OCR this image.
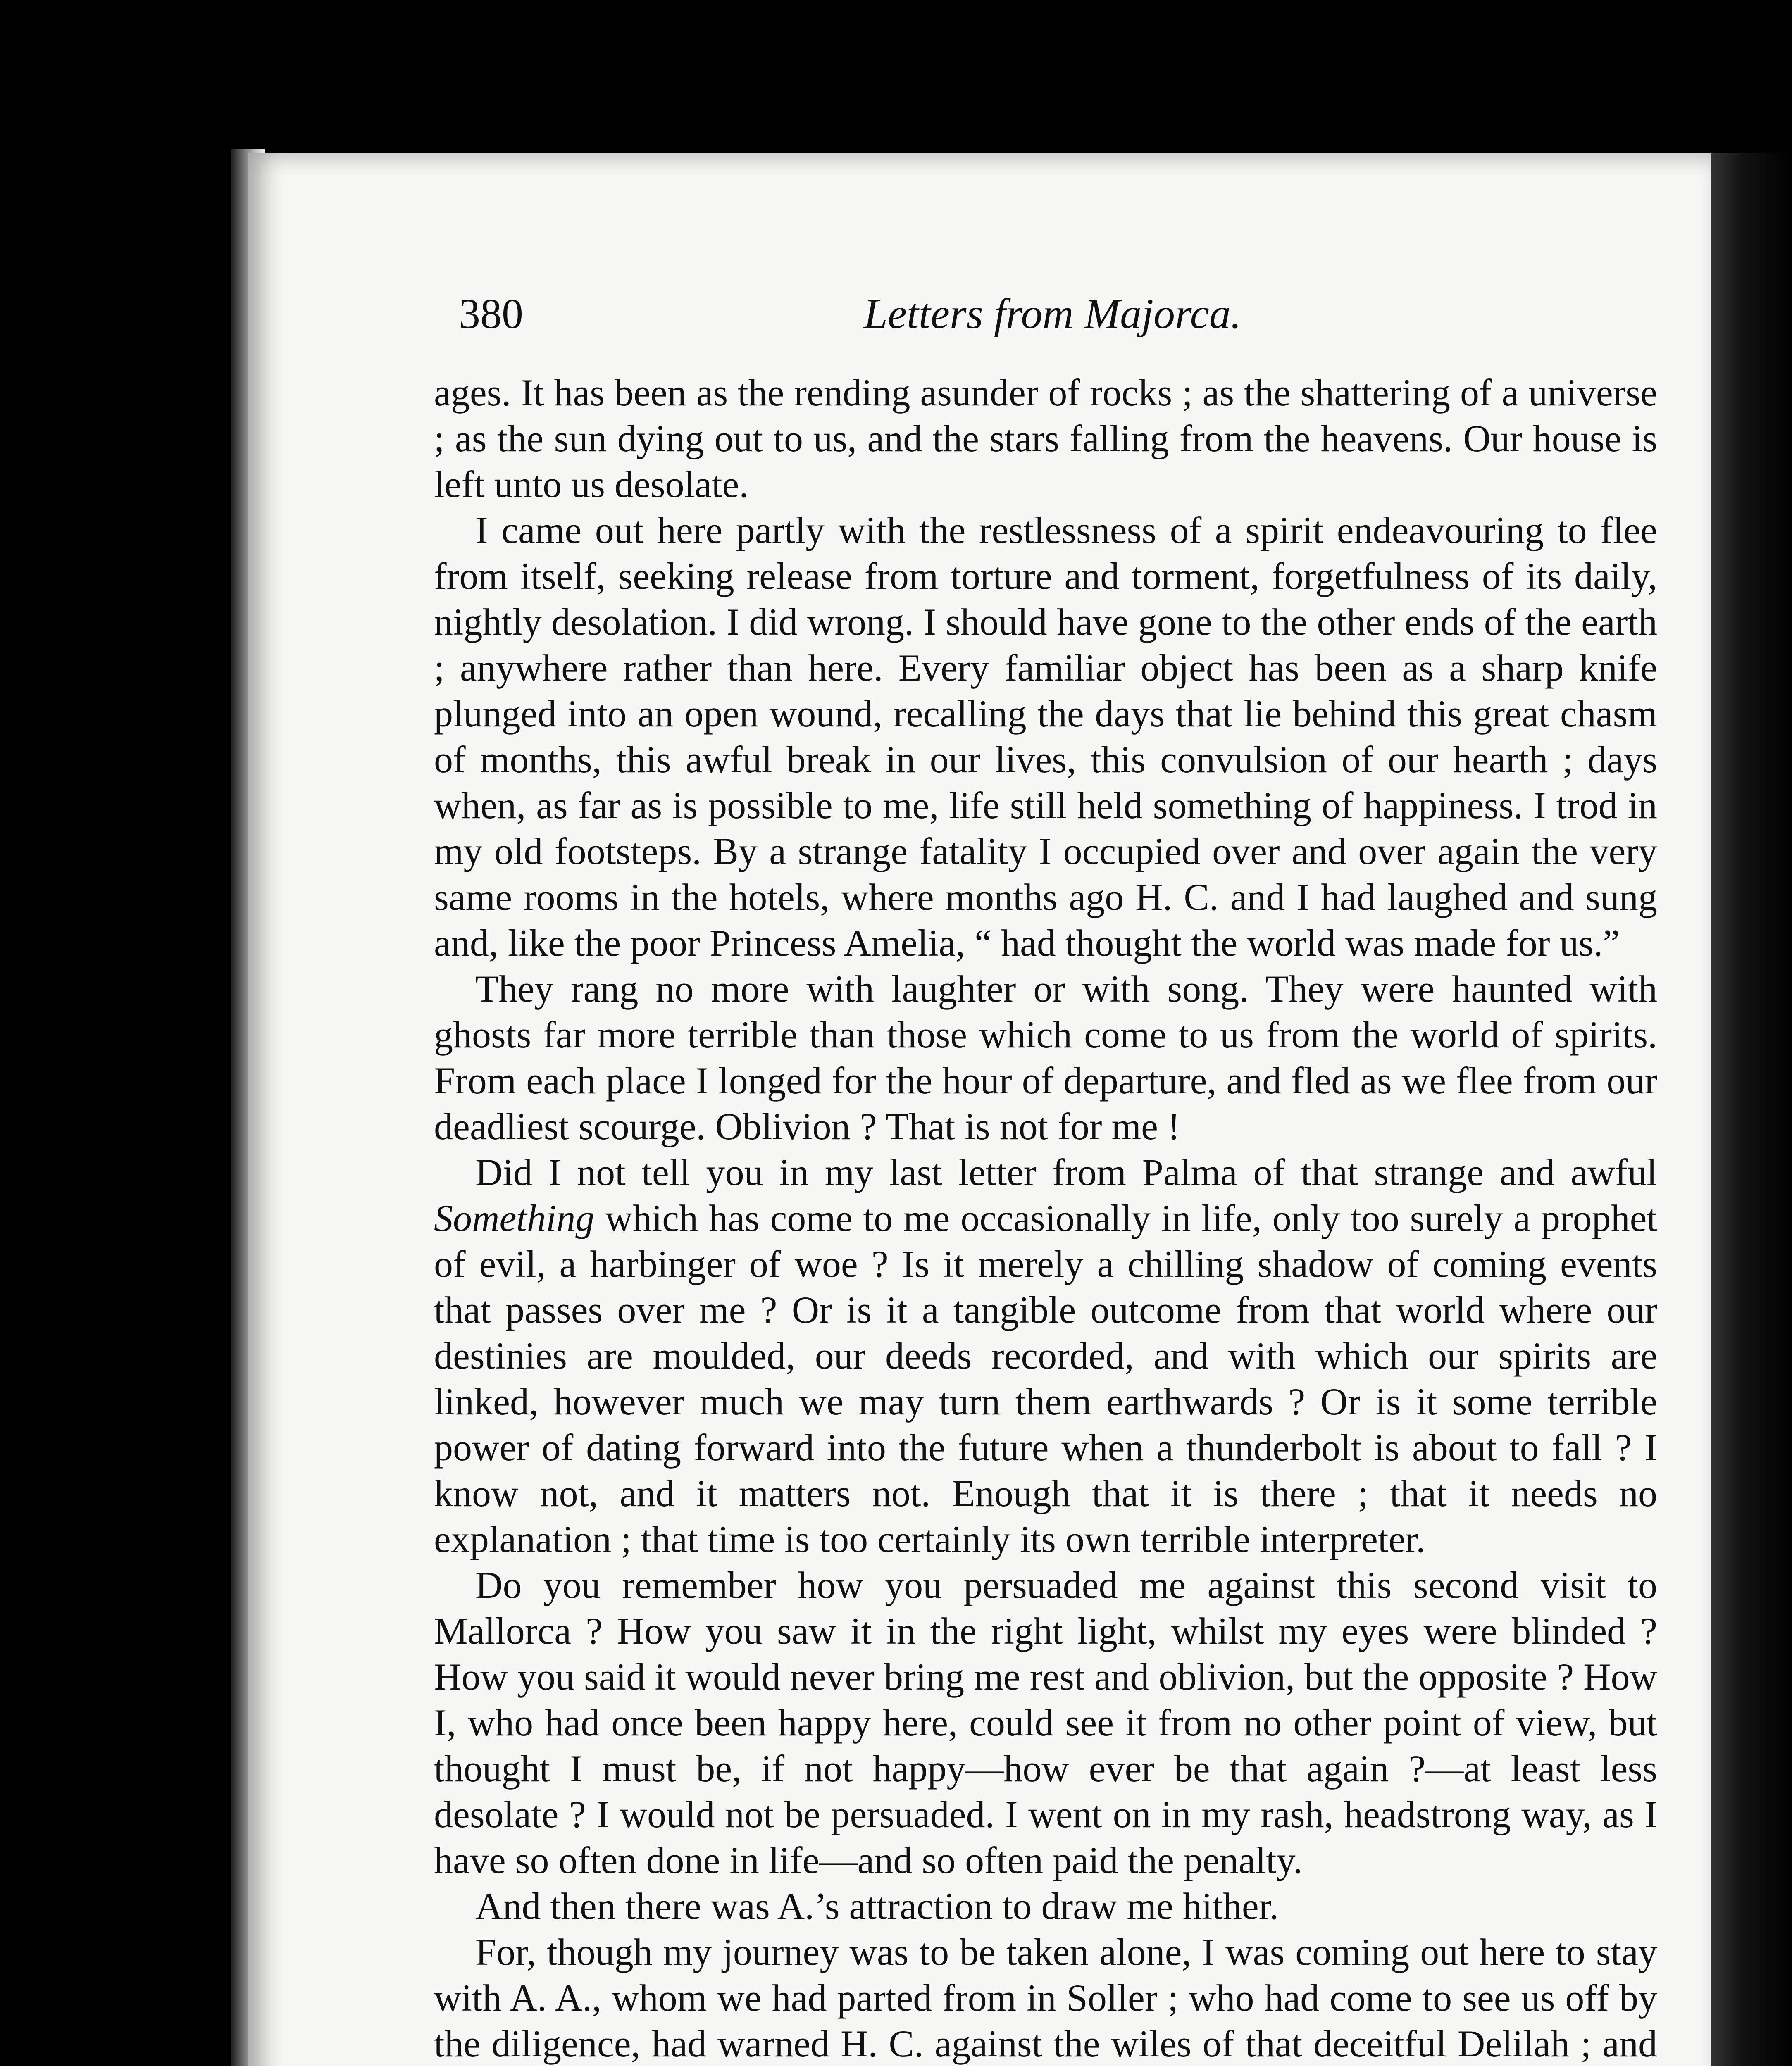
380	Letters from Majorca.

ages. It has been as the rending asunder of rocks ; as the shattering of a universe ; as the sun dying out to us, and the stars falling from the heavens. Our house is left unto us desolate.

I came out here partly with the restlessness of a spirit endeavouring to flee from itself, seeking release from torture and torment, forgetfulness of its daily, nightly desolation. I did wrong. I should have gone to the other ends of the earth ; anywhere rather than here. Every familiar object has been as a sharp knife plunged into an open wound, recalling the days that lie behind this great chasm of months, this awful break in our lives, this convulsion of our hearth ; days when, as far as is possible to me, life still held something of happiness. I trod in my old footsteps. By a strange fatality I occupied over and over again the very same rooms in the hotels, where months ago H. C. and I had laughed and sung and, like the poor Princess Amelia, “ had thought the world was made for us.”

They rang no more with laughter or with song. They were haunted with ghosts far more terrible than those which come to us from the world of spirits. From each place I longed for the hour of departure, and fled as we flee from our deadliest scourge. Oblivion ? That is not for me !

Did I not tell you in my last letter from Palma of that strange and awful Something which has come to me occasionally in life, only too surely a prophet of evil, a harbinger of woe ? Is it merely a chilling shadow of coming events that passes over me ? Or is it a tangible outcome from that world where our destinies are moulded, our deeds recorded, and with which our spirits are linked, however much we may turn them earthwards ? Or is it some terrible power of dating forward into the future when a thunderbolt is about to fall ? I know not, and it matters not. Enough that it is there ; that it needs no explanation ; that time is too certainly its own terrible interpreter.

Do you remember how you persuaded me against this second visit to Mallorca ? How you saw it in the right light, whilst my eyes were blinded ? How you said it would never bring me rest and oblivion, but the opposite ? How I, who had once been happy here, could see it from no other point of view, but thought I must be, if not happy—how ever be that again ?—at least less desolate ? I would not be persuaded. I went on in my rash, headstrong way, as I have so often done in life—and so often paid the penalty.

And then there was A.’s attraction to draw me hither.

For, though my journey was to be taken alone, I was coming out here to stay with A. A., whom we had parted from in Soller ; who had come to see us off by the diligence, had warned H. C. against the wiles of that deceitful Delilah ; and
